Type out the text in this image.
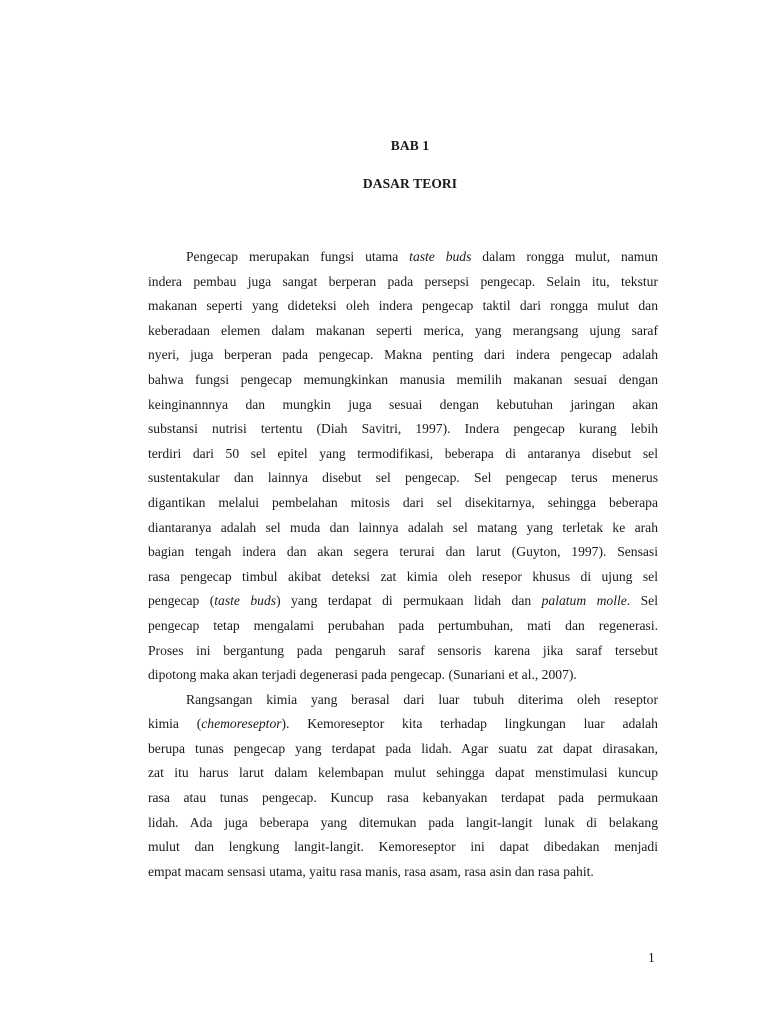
BAB 1
DASAR TEORI
Pengecap merupakan fungsi utama taste buds dalam rongga mulut, namun
indera pembau juga sangat berperan pada persepsi pengecap. Selain itu, tekstur
makanan seperti yang dideteksi oleh indera pengecap taktil dari rongga mulut dan
keberadaan elemen dalam makanan seperti merica, yang merangsang ujung saraf
nyeri, juga berperan pada pengecap. Makna penting dari indera pengecap adalah
bahwa fungsi pengecap memungkinkan manusia memilih makanan sesuai dengan
keinginannnya dan mungkin juga sesuai dengan kebutuhan jaringan akan
substansi nutrisi tertentu (Diah Savitri, 1997). Indera pengecap kurang lebih
terdiri dari 50 sel epitel yang termodifikasi, beberapa di antaranya disebut sel
sustentakular dan lainnya disebut sel pengecap. Sel pengecap terus menerus
digantikan melalui pembelahan mitosis dari sel disekitarnya, sehingga beberapa
diantaranya adalah sel muda dan lainnya adalah sel matang yang terletak ke arah
bagian tengah indera dan akan segera terurai dan larut (Guyton, 1997). Sensasi
rasa pengecap timbul akibat deteksi zat kimia oleh resepor khusus di ujung sel
pengecap (taste buds) yang terdapat di permukaan lidah dan palatum molle. Sel
pengecap tetap mengalami perubahan pada pertumbuhan, mati dan regenerasi.
Proses ini bergantung pada pengaruh saraf sensoris karena jika saraf tersebut
dipotong maka akan terjadi degenerasi pada pengecap. (Sunariani et al., 2007).
Rangsangan kimia yang berasal dari luar tubuh diterima oleh reseptor
kimia (chemoreseptor). Kemoreseptor kita terhadap lingkungan luar adalah
berupa tunas pengecap yang terdapat pada lidah. Agar suatu zat dapat dirasakan,
zat itu harus larut dalam kelembapan mulut sehingga dapat menstimulasi kuncup
rasa atau tunas pengecap. Kuncup rasa kebanyakan terdapat pada permukaan
lidah. Ada juga beberapa yang ditemukan pada langit-langit lunak di belakang
mulut dan lengkung langit-langit. Kemoreseptor ini dapat dibedakan menjadi
empat macam sensasi utama, yaitu rasa manis, rasa asam, rasa asin dan rasa pahit.
1
